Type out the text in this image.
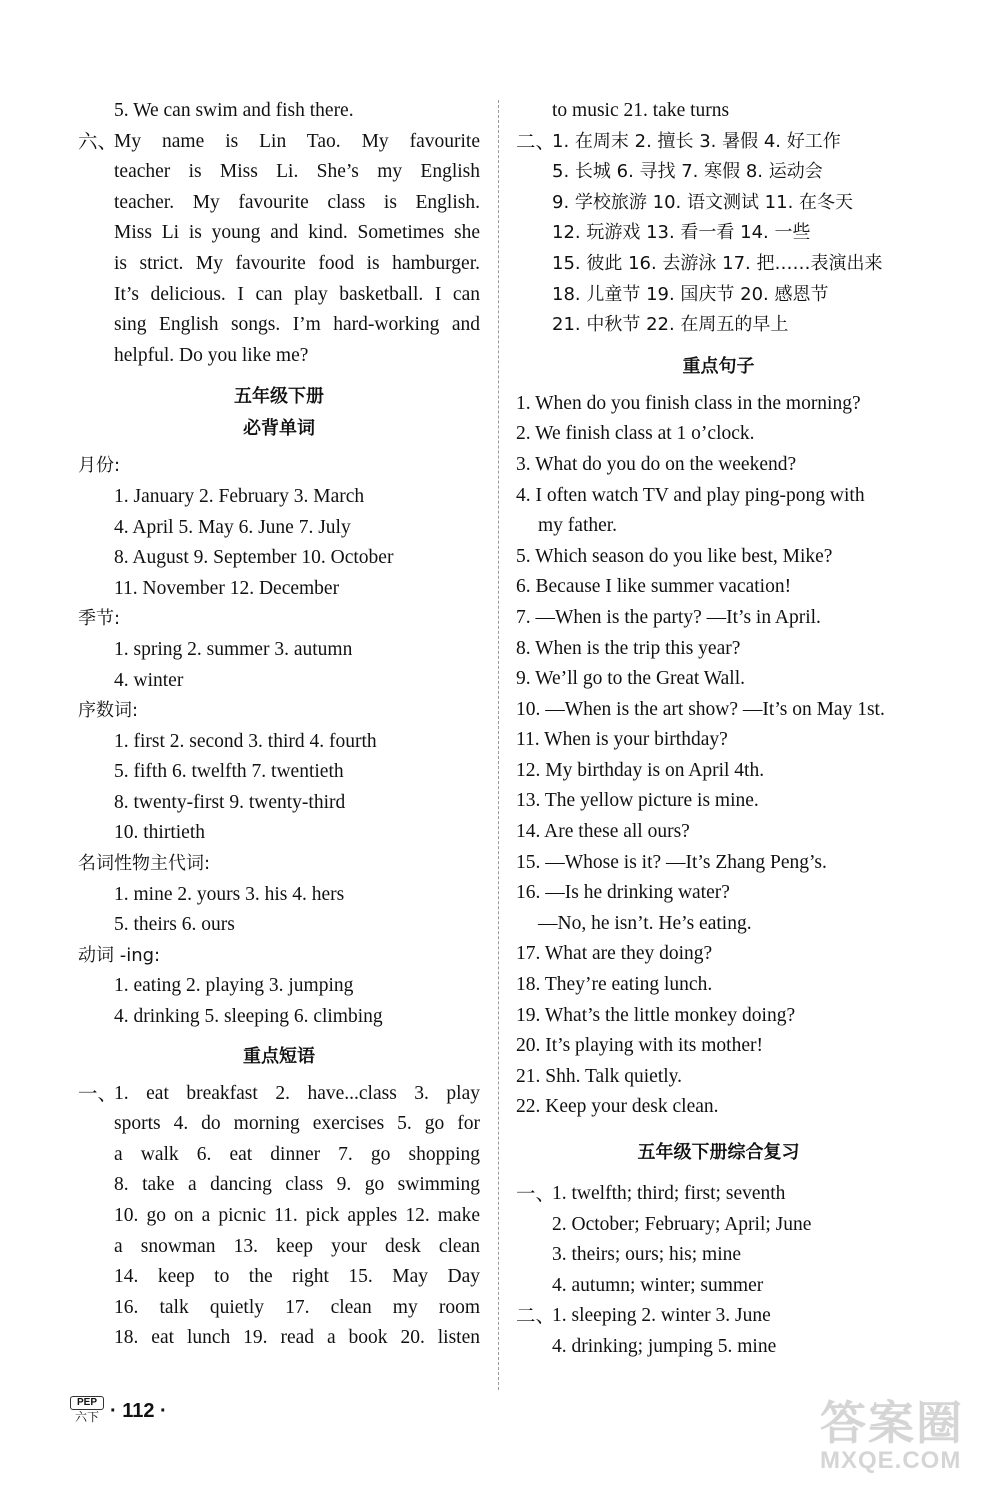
5. We can swim and fish there.
六、
My name is Lin Tao. My favourite
teacher is Miss Li. She’s my English
teacher. My favourite class is English.
Miss Li is young and kind. Sometimes she
is strict. My favourite food is hamburger.
It’s delicious. I can play basketball. I can
sing English songs. I’m hard-working and
helpful. Do you like me?
五年级下册
必背单词
月份:
1. January 2. February 3. March
4. April 5. May 6. June 7. July
8. August 9. September 10. October
11. November 12. December
季节:
1. spring 2. summer 3. autumn
4. winter
序数词:
1. first 2. second 3. third 4. fourth
5. fifth 6. twelfth 7. twentieth
8. twenty-first 9. twenty-third
10. thirtieth
名词性物主代词:
1. mine 2. yours 3. his 4. hers
5. theirs 6. ours
动词 -ing:
1. eating 2. playing 3. jumping
4. drinking 5. sleeping 6. climbing
重点短语
一、
1. eat breakfast 2. have...class 3. play
sports 4. do morning exercises 5. go for
a walk 6. eat dinner 7. go shopping
8. take a dancing class 9. go swimming
10. go on a picnic 11. pick apples 12. make
a snowman 13. keep your desk clean
14. keep to the right 15. May Day
16. talk quietly 17. clean my room
18. eat lunch 19. read a book 20. listen
to music 21. take turns
二、
1. 在周末 2. 擅长 3. 暑假 4. 好工作
5. 长城 6. 寻找 7. 寒假 8. 运动会
9. 学校旅游 10. 语文测试 11. 在冬天
12. 玩游戏 13. 看一看 14. 一些
15. 彼此 16. 去游泳 17. 把……表演出来
18. 儿童节 19. 国庆节 20. 感恩节
21. 中秋节 22. 在周五的早上
重点句子
1. When do you finish class in the morning?
2. We finish class at 1 o’clock.
3. What do you do on the weekend?
4. I often watch TV and play ping-pong with
my father.
5. Which season do you like best, Mike?
6. Because I like summer vacation!
7. —When is the party? —It’s in April.
8. When is the trip this year?
9. We’ll go to the Great Wall.
10. —When is the art show? —It’s on May 1st.
11. When is your birthday?
12. My birthday is on April 4th.
13. The yellow picture is mine.
14. Are these all ours?
15. —Whose is it? —It’s Zhang Peng’s.
16. —Is he drinking water?
—No, he isn’t. He’s eating.
17. What are they doing?
18. They’re eating lunch.
19. What’s the little monkey doing?
20. It’s playing with its mother!
21. Shh. Talk quietly.
22. Keep your desk clean.
五年级下册综合复习
一、
1. twelfth; third; first; seventh
2. October; February; April; June
3. theirs; ours; his; mine
4. autumn; winter; summer
二、
1. sleeping 2. winter 3. June
4. drinking; jumping 5. mine
PEP
六下 · 112 ·	答案圈
MXQE.COM
